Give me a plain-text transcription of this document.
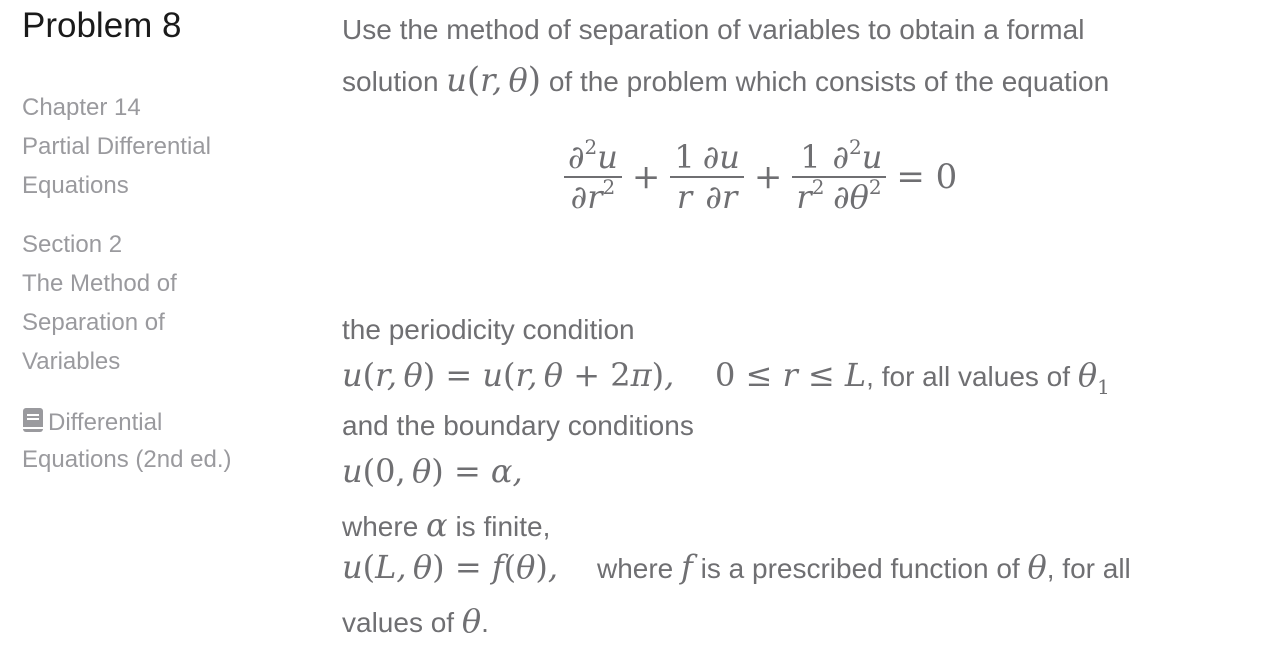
Problem 8
Chapter 14
Partial Differential
Equations
Section 2
The Method of
Separation of
Variables
Differential
Equations (2nd ed.)
Use the method of separation of variables to obtain a formal
solution u(r, θ) of the problem which consists of the equation
$\frac{\partial^2u}{\partial r^2} + \frac{1}{r} \frac{\partial u}{\partial r} + \frac{1}{r^2} \frac{\partial^2u}{\partial\theta^2} = 0$
the periodicity condition
u(r, θ) = u(r, θ + 2π),    0 ≤ r ≤ L, for all values of $\theta_1$
and the boundary conditions
u(0, θ) = α,
where α is finite,
u(L, θ) = f(θ), where f is a prescribed function of θ, for all
values of θ.
